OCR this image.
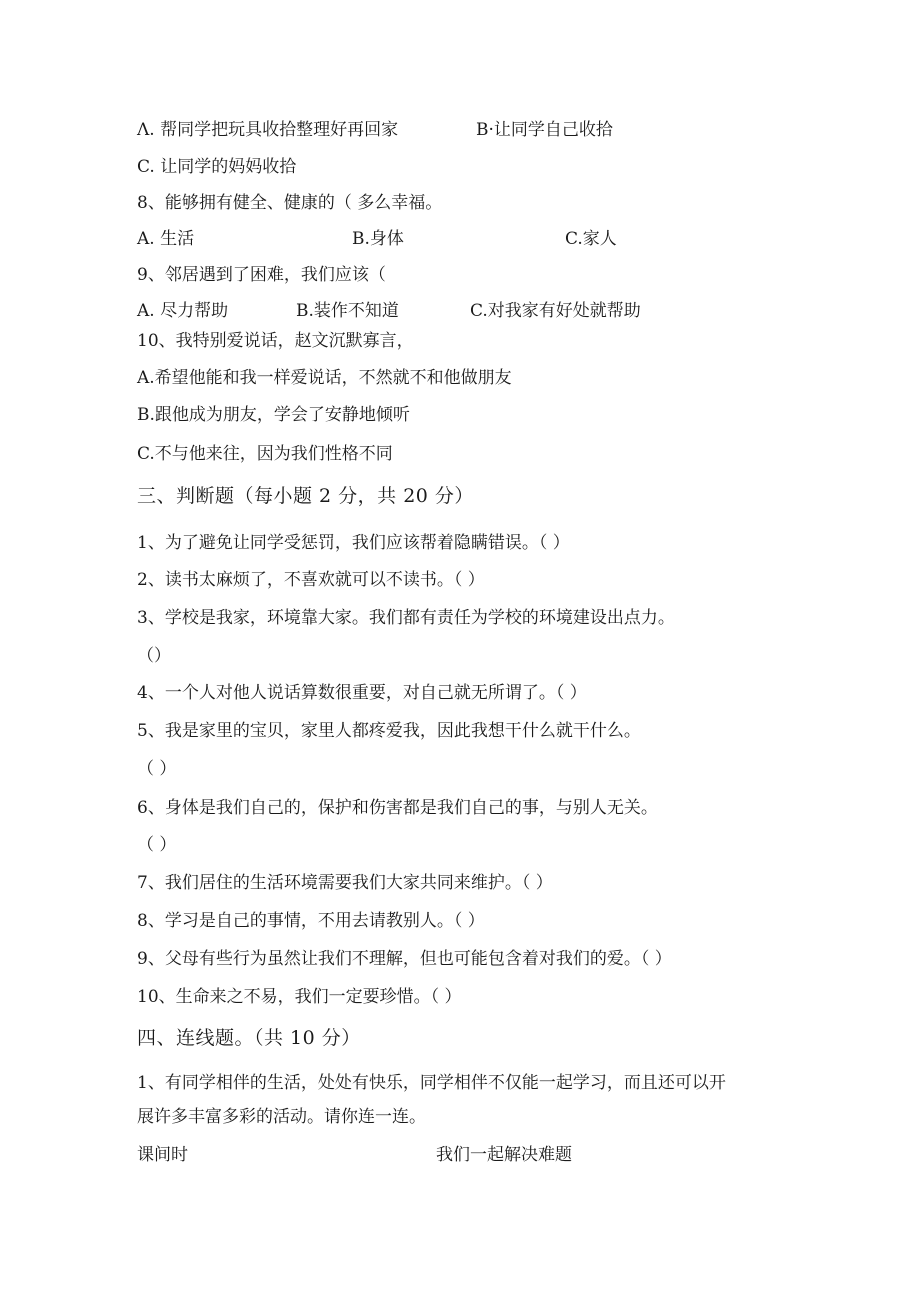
Λ. 帮同学把玩具收拾整理好再回家	B·让同学自己收拾
C. 让同学的妈妈收拾
8、能够拥有健全、健康的（ 多么幸福。
A. 生活	B.身体	C.家人
9、邻居遇到了困难，我们应该（
A. 尽力帮助	B.装作不知道	C.对我家有好处就帮助
10、我特别爱说话，赵文沉默寡言，
A.希望他能和我一样爱说话，不然就不和他做朋友
B.跟他成为朋友，学会了安静地倾听
C.不与他来往，因为我们性格不同
三、判断题（每小题 2 分，共 20 分）
1、为了避免让同学受惩罚，我们应该帮着隐瞒错误。（ ）
2、读书太麻烦了，不喜欢就可以不读书。（ ）
3、学校是我家，环境靠大家。我们都有责任为学校的环境建设出点力。
（）
4、一个人对他人说话算数很重要，对自己就无所谓了。（ ）
5、我是家里的宝贝，家里人都疼爱我，因此我想干什么就干什么。
（ ）
6、身体是我们自己的，保护和伤害都是我们自己的事，与别人无关。
（ ）
7、我们居住的生活环境需要我们大家共同来维护。（ ）
8、学习是自己的事情，不用去请教别人。（ ）
9、父母有些行为虽然让我们不理解，但也可能包含着对我们的爱。（ ）
10、生命来之不易，我们一定要珍惜。（ ）
四、连线题。（共 10 分）
1、有同学相伴的生活，处处有快乐，同学相伴不仅能一起学习，而且还可以开
展许多丰富多彩的活动。请你连一连。
课间时	我们一起解决难题
